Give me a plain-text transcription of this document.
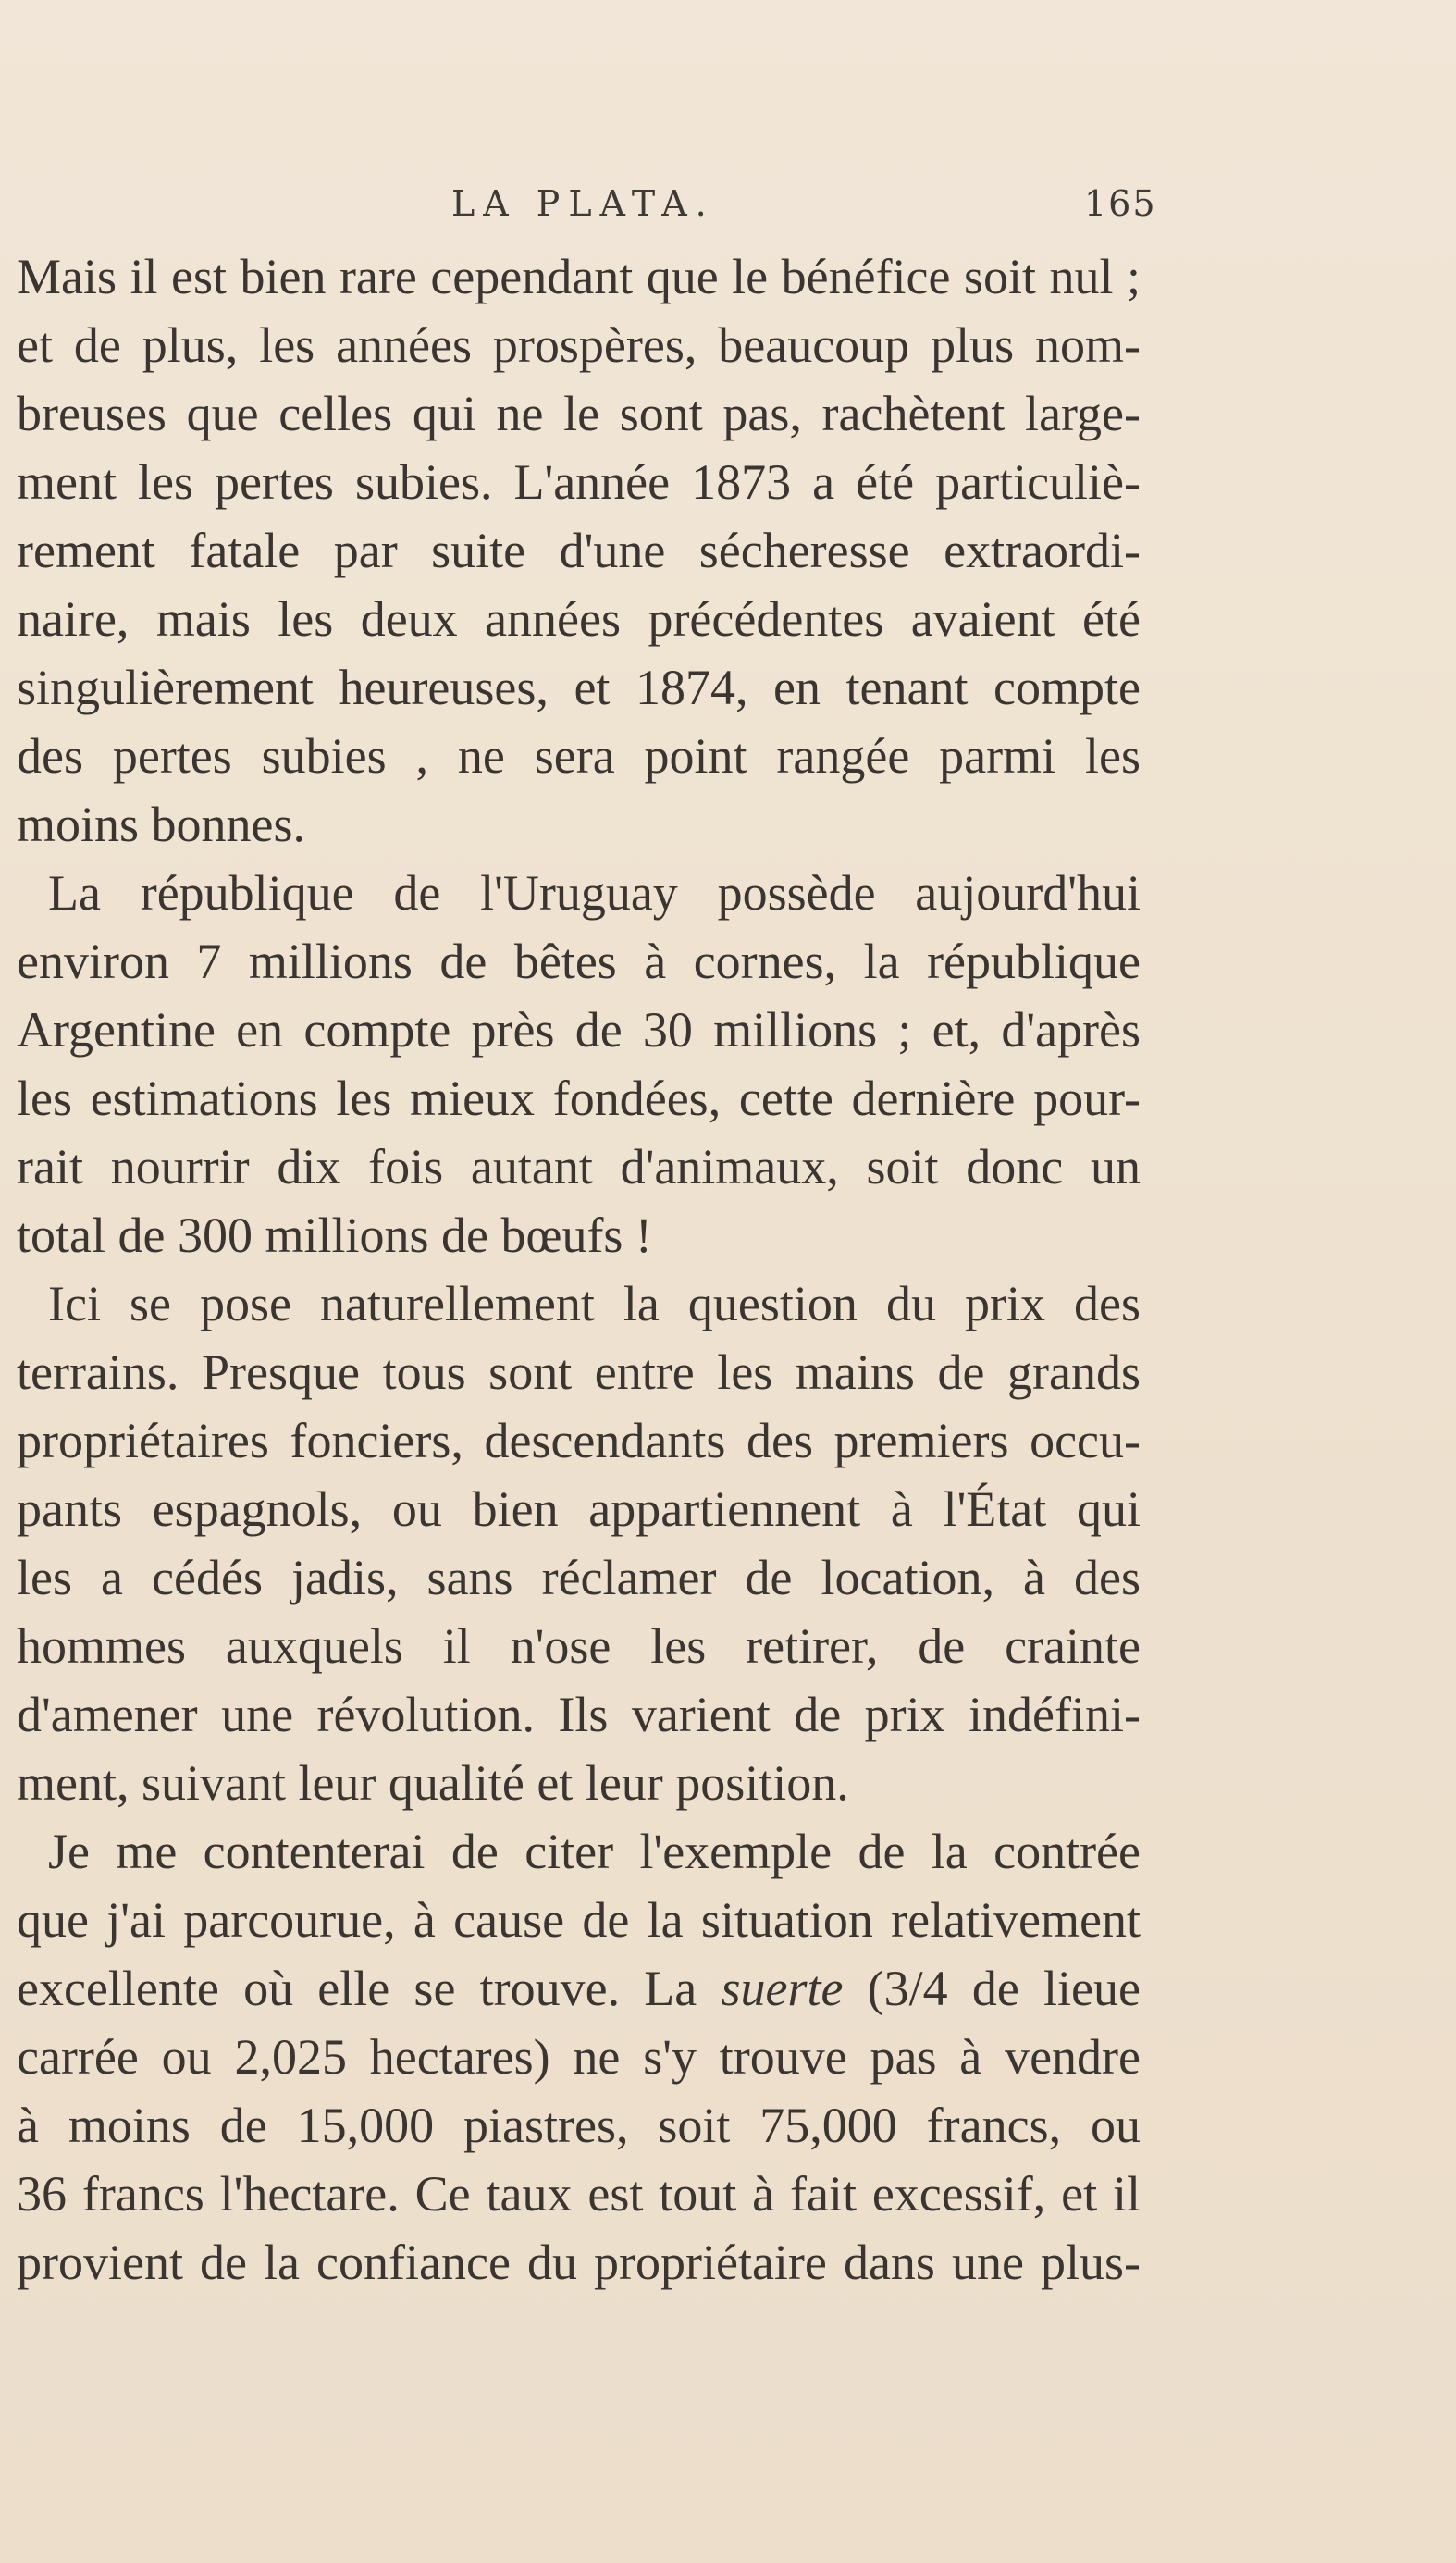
LA PLATA.	165
Mais il est bien rare cependant que le bénéfice soit nul ;
et de plus, les années prospères, beaucoup plus nom-
breuses que celles qui ne le sont pas, rachètent large-
ment les pertes subies. L'année 1873 a été particuliè-
rement fatale par suite d'une sécheresse extraordi-
naire, mais les deux années précédentes avaient été
singulièrement heureuses, et 1874, en tenant compte
des pertes subies , ne sera point rangée parmi les
moins bonnes.
La république de l'Uruguay possède aujourd'hui
environ 7 millions de bêtes à cornes, la république
Argentine en compte près de 30 millions ; et, d'après
les estimations les mieux fondées, cette dernière pour-
rait nourrir dix fois autant d'animaux, soit donc un
total de 300 millions de bœufs !
Ici se pose naturellement la question du prix des
terrains. Presque tous sont entre les mains de grands
propriétaires fonciers, descendants des premiers occu-
pants espagnols, ou bien appartiennent à l'État qui
les a cédés jadis, sans réclamer de location, à des
hommes auxquels il n'ose les retirer, de crainte
d'amener une révolution. Ils varient de prix indéfini-
ment, suivant leur qualité et leur position.
Je me contenterai de citer l'exemple de la contrée
que j'ai parcourue, à cause de la situation relativement
excellente où elle se trouve. La suerte (3/4 de lieue
carrée ou 2,025 hectares) ne s'y trouve pas à vendre
à moins de 15,000 piastres, soit 75,000 francs, ou
36 francs l'hectare. Ce taux est tout à fait excessif, et il
provient de la confiance du propriétaire dans une plus-
